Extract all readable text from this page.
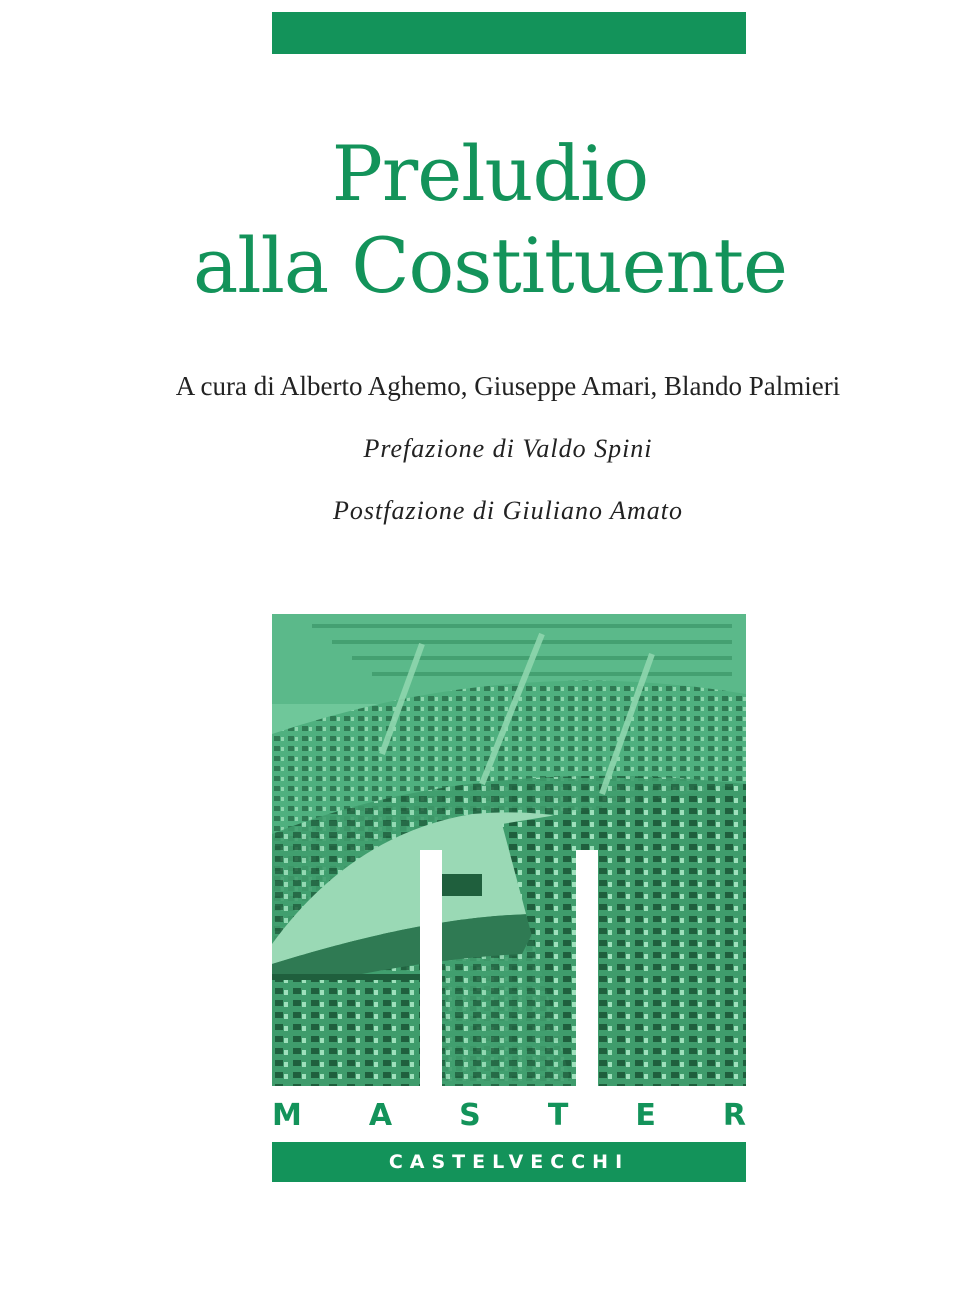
Preludio
alla Costituente
A cura di Alberto Aghemo, Giuseppe Amari, Blando Palmieri
Prefazione di Valdo Spini
Postfazione di Giuliano Amato
M A S T E R
CASTELVECCHI
